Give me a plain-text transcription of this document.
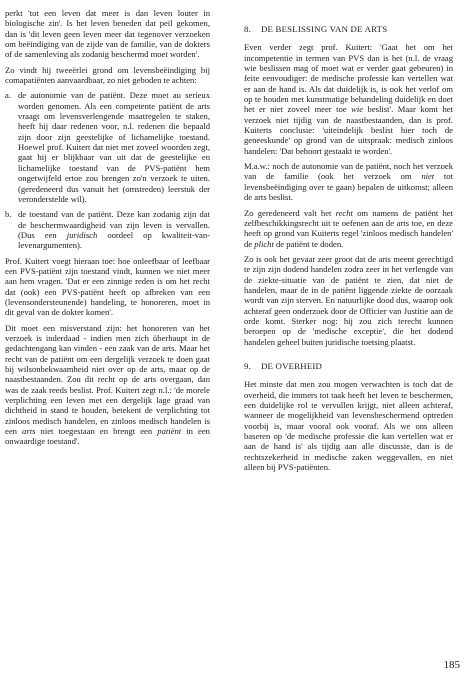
perkt 'tot een leven dat meer is dan leven louter in biologische zin'. Is het leven beneden dat peil gekomen, dan is 'dit leven geen leven meer dat tegenover verzoeken om beëindiging van de zijde van de familie, van de dokters of de samenleving als zodanig beschermd moet worden'.

Zo vindt hij tweeërlei grond om levensbeëindiging bij comapatiënten aanvaardbaar, zo niet geboden te achten:

a. de autonomie van de patiënt. Deze moet au serieux worden genomen. Als een competente patiënt de arts vraagt om levensverlengende maatregelen te staken, heeft hij daar redenen voor, n.l. redenen die bepaald zijn door zijn geestelijke of lichamelijke toestand. Hoewel prof. Kuitert dat niet met zoveel woorden zegt, gaat hij er blijkbaar van uit dat de geestelijke en lichamelijke toestand van de PVS-patiënt hem ongetwijfeld ertoe zou brengen zo'n verzoek te uiten. (geredeneerd dus vanuit het (omstreden) leerstuk der veronderstelde wil).
b. de toestand van de patiënt. Deze kan zodanig zijn dat de beschermwaardigheid van zijn leven is vervallen. (Dus een juridisch oordeel op kwaliteit-van-levenargumenten).

Prof. Kuitert voegt hieraan toe: hoe onleefbaar of leefbaar een PVS-patiënt zijn toestand vindt, kunnen we niet meer aan hem vragen. 'Dat er een zinnige reden is om het recht dat (ook) een PVS-patiënt heeft op afbreken van een (levensondersteunende) handeling, te honoreren, moet in dit geval van de dokter komen'.

Dit moet een misverstand zijn: het honoreren van het verzoek is inderdaad - indien men zich überhaupt in de gedachtengang kan vinden - een zaak van de arts. Maar het recht van de patiënt om een dergelijk verzoek te doen gaat bij wilsonbekwaamheid niet over op de arts, maar op de naastbestaanden. Zou dit recht op de arts overgaan, dan was de zaak reeds beslist. Prof. Kuitert zegt n.l.: 'de morele verplichting een leven met een dergelijk lage graad van dichtheid in stand te houden, betekent de verplichting tot zinloos medisch handelen, en zinloos medisch handelen is een arts niet toegestaan en brengt een patiënt in een onwaardige toestand'.

8. DE BESLISSING VAN DE ARTS

Even verder zegt prof. Kuitert: 'Gaat het om het incompetentie in termen van PVS dan is het (n.l. de vraag wie beslissen mag of moet wat er verder gaat gebeuren) in feite eenvoudiger: de medische professie kan vertellen wat er aan de hand is. Als dat duidelijk is, is ook het verlof om op te houden met kunstmatige behandeling duidelijk en doet het er niet zoveel meer toe wie beslist'. Maar komt het verzoek niet tijdig van de naastbestaanden, dan is prof. Kuiterts conclusie: 'uiteindelijk beslist hier toch de geneeskunde' op grond van de uitspraak: medisch zinloos handelen: 'Dat behoort gestaakt te worden'.

M.a.w.: noch de autonomie van de patiënt, noch het verzoek van de familie (ook het verzoek om niet tot levensbeëindiging over te gaan) bepalen de uitkomst; alleen de arts beslist.

Zo geredeneerd valt het recht om namens de patiënt het zelfbeschikkingsrecht uit te oefenen aan de arts toe, en deze heeft op grond van Kuiterts regel 'zinloos medisch handelen' de plicht de patiënt te doden.

Zo is ook het gevaar zeer groot dat de arts meent gerechtigd te zijn zijn dodend handelen zodra zeer in het verlengde van de ziekte-situatie van de patiënt te zien, dat niet de handelen, maar de in de patiënt liggende ziekte de oorzaak wordt van zijn sterven. En natuurlijke dood dus, waarop ook achteraf geen onderzoek door de Officier van Justitie aan de orde komt. Sterker nog: hij zou zich terecht kunnen beroepen op de 'medische exceptie', die het dodend handelen geheel buiten juridische toetsing plaatst.

9. DE OVERHEID

Het minste dat men zou mogen verwachten is toch dat de overheid, die immers tot taak heeft het leven te beschermen, een duidelijke rol te vervullen krijgt, niet alleen achteraf, wanneer de mogelijkheid van levensbeschermend optreden voorbij is, maar vooral ook vooraf. Als we ons alleen baseren op 'de medische professie die kan vertellen wat er aan de hand is' als tijdig aan alle discussie, dan is de rechtszekerheid in medische zaken weggevallen, en niet alleen bij PVS-patiënten.

185
